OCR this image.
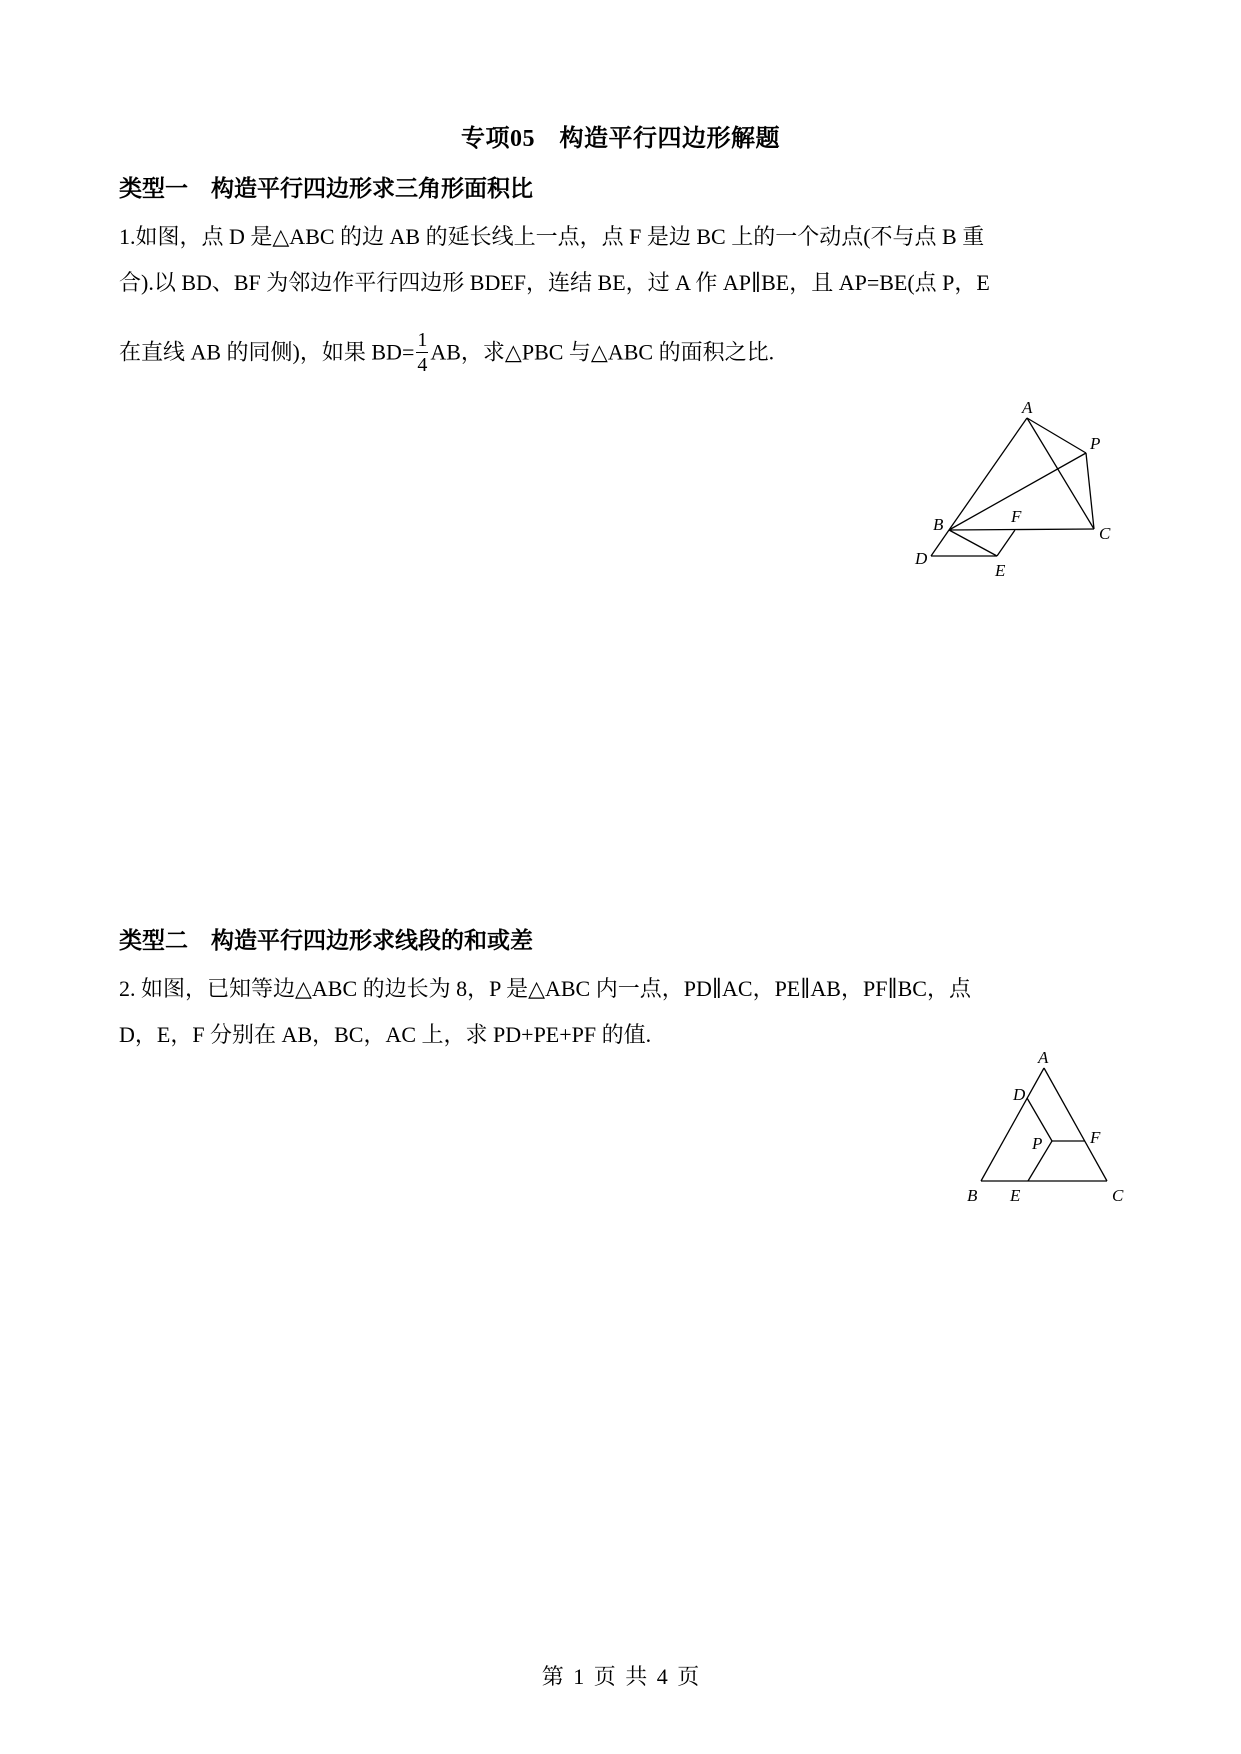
专项05　构造平行四边形解题
类型一　构造平行四边形求三角形面积比

1.如图，点 D 是△ABC 的边 AB 的延长线上一点，点 F 是边 BC 上的一个动点(不与点 B 重

合).以 BD、BF 为邻边作平行四边形 BDEF，连结 BE，过 A 作 AP∥BE，且 AP=BE(点 P，E

在直线 AB 的同侧)，如果 $BD= \frac{1}{4}$ AB，求△PBC 与△ABC 的面积之比.

A
P
B	F
C
D
E
类型二　构造平行四边形求线段的和或差

2. 如图，已知等边△ABC 的边长为 8，P 是△ABC 内一点，PD∥AC，PE∥AB，PF∥BC，点

D，E，F 分别在 AB，BC，AC 上，求 PD+PE+PF 的值.

A
D
F
P
B E	C

第 1 页 共 4 页
